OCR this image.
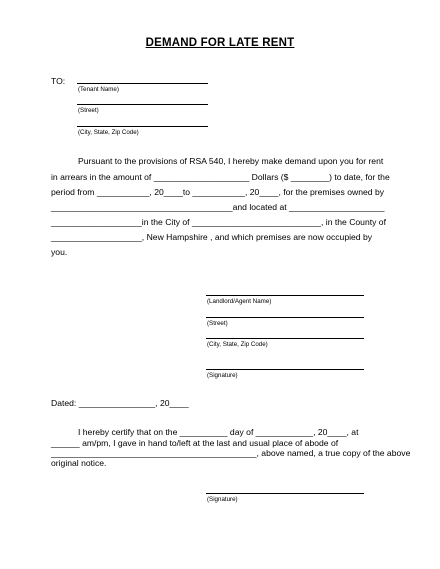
DEMAND FOR LATE RENT
TO:
(Tenant Name)
(Street)
(City, State, Zip Code)
Pursuant to the provisions of RSA 540, I hereby make demand upon you for rent
in arrears in the amount of ____________________ Dollars ($ ________) to date, for the
period from ___________, 20____to ___________, 20____, for the premises owned by
______________________________________and located at ____________________
___________________in the City of ___________________________, in the County of
___________________, New Hampshire , and which premises are now occupied by
you.
(Landlord/Agent Name)
(Street)
(City, State, Zip Code)
(Signature)
Dated: ________________, 20____
I hereby certify that on the __________ day of ____________, 20____, at
______ am/pm, I gave in hand to/left at the last and usual place of abode of
___________________________________________, above named, a true copy of the above
original notice.
(Signature)
